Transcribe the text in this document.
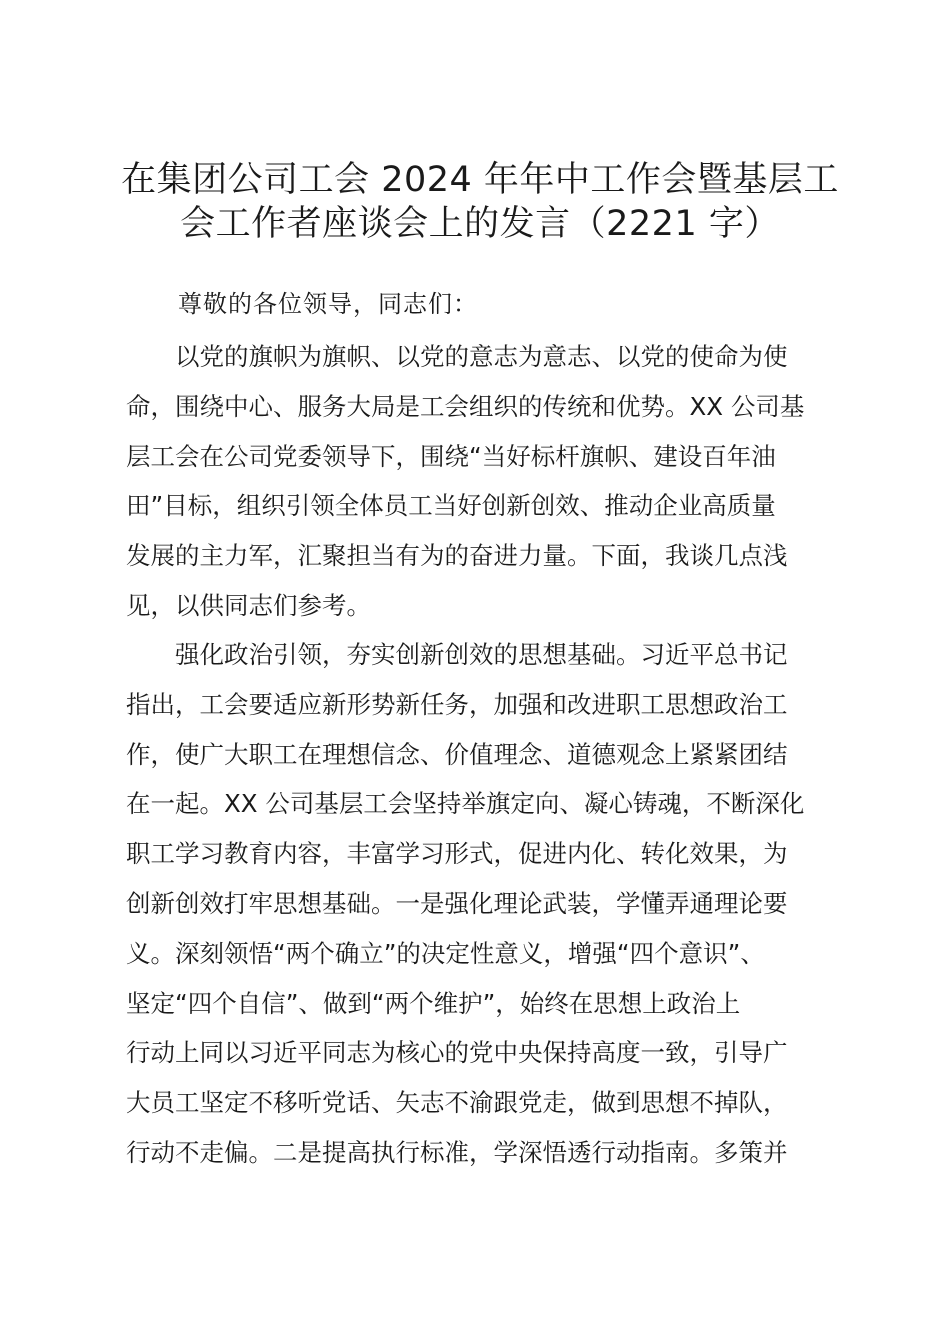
在集团公司工会 2024 年年中工作会暨基层工
会工作者座谈会上的发言（2221 字）

尊敬的各位领导，同志们：

　　以党的旗帜为旗帜、以党的意志为意志、以党的使命为使
命，围绕中心、服务大局是工会组织的传统和优势。XX 公司基
层工会在公司党委领导下，围绕“当好标杆旗帜、建设百年油
田”目标，组织引领全体员工当好创新创效、推动企业高质量
发展的主力军，汇聚担当有为的奋进力量。下面，我谈几点浅
见，以供同志们参考。
　　强化政治引领，夯实创新创效的思想基础。习近平总书记
指出，工会要适应新形势新任务，加强和改进职工思想政治工
作，使广大职工在理想信念、价值理念、道德观念上紧紧团结
在一起。XX 公司基层工会坚持举旗定向、凝心铸魂，不断深化
职工学习教育内容，丰富学习形式，促进内化、转化效果，为
创新创效打牢思想基础。一是强化理论武装，学懂弄通理论要
义。深刻领悟“两个确立”的决定性意义，增强“四个意识”、
坚定“四个自信”、做到“两个维护”，始终在思想上政治上
行动上同以习近平同志为核心的党中央保持高度一致，引导广
大员工坚定不移听党话、矢志不渝跟党走，做到思想不掉队，
行动不走偏。二是提高执行标准，学深悟透行动指南。多策并
